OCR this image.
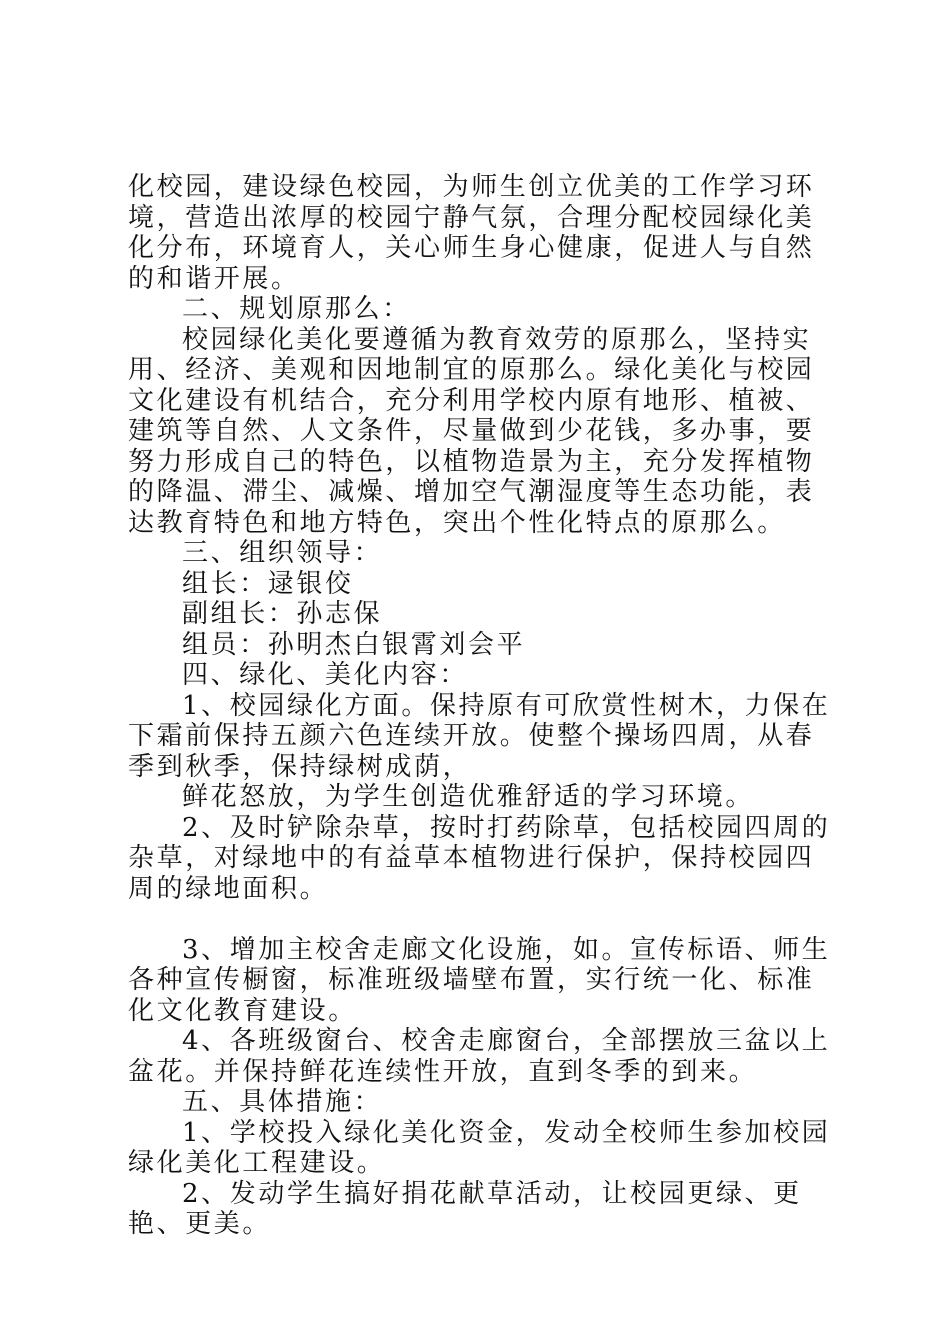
化校园，建设绿色校园，为师生创立优美的工作学习环境，营造出浓厚的校园宁静气氛，合理分配校园绿化美化分布，环境育人，关心师生身心健康，促进人与自然的和谐开展。

二、规划原那么：

校园绿化美化要遵循为教育效劳的原那么，坚持实用、经济、美观和因地制宜的原那么。绿化美化与校园文化建设有机结合，充分利用学校内原有地形、植被、建筑等自然、人文条件，尽量做到少花钱，多办事，要努力形成自己的特色，以植物造景为主，充分发挥植物的降温、滞尘、减燥、增加空气潮湿度等生态功能，表达教育特色和地方特色，突出个性化特点的原那么。

三、组织领导：

组长：逯银佼

副组长：孙志保

组员：孙明杰白银霄刘会平

四、绿化、美化内容：

1、校园绿化方面。保持原有可欣赏性树木，力保在下霜前保持五颜六色连续开放。使整个操场四周，从春季到秋季，保持绿树成荫，

鲜花怒放，为学生创造优雅舒适的学习环境。

2、及时铲除杂草，按时打药除草，包括校园四周的杂草，对绿地中的有益草本植物进行保护，保持校园四周的绿地面积。

3、增加主校舍走廊文化设施，如。宣传标语、师生各种宣传橱窗，标准班级墙壁布置，实行统一化、标准化文化教育建设。

4、各班级窗台、校舍走廊窗台，全部摆放三盆以上盆花。并保持鲜花连续性开放，直到冬季的到来。

五、具体措施：

1、学校投入绿化美化资金，发动全校师生参加校园绿化美化工程建设。

2、发动学生搞好捐花献草活动，让校园更绿、更艳、更美。
